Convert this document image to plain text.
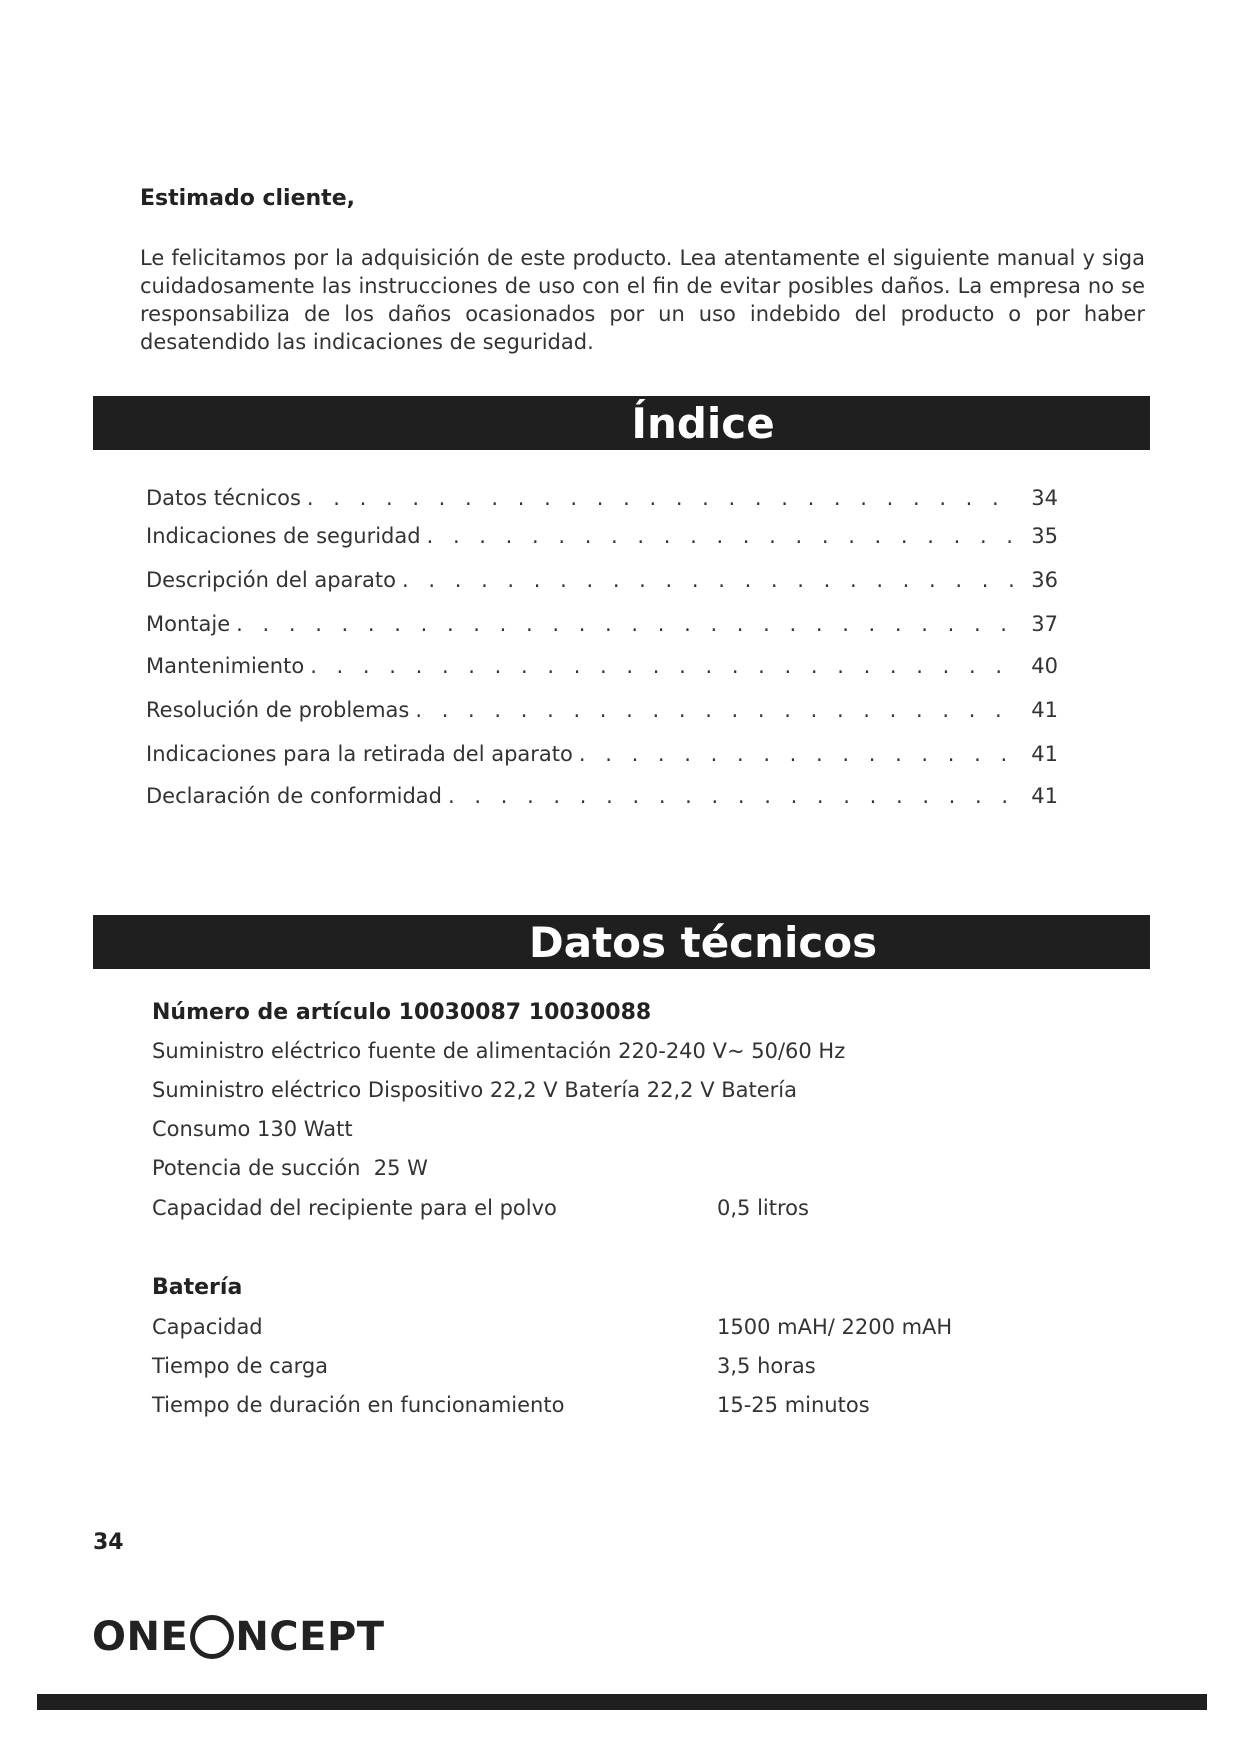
Estimado cliente,
Le felicitamos por la adquisición de este producto. Lea atentamente el siguiente manual y siga cuidadosamente las instrucciones de uso con el fin de evitar posibles daños. La empresa no se responsabiliza de los daños ocasionados por un uso indebido del producto o por haber desatendido las indicaciones de seguridad.
Índice
Datos técnicos . . .	34
Indicaciones de seguridad . . .	35
Descripción del aparato . . .	36
Montaje . . .	37
Mantenimiento . . .	40
Resolución de problemas . . .	41
Indicaciones para la retirada del aparato . . .	41
Declaración de conformidad . . .	41
Datos técnicos
Número de artículo 10030087 10030088
Suministro eléctrico fuente de alimentación 220-240 V~ 50/60 Hz
Suministro eléctrico Dispositivo 22,2 V Batería 22,2 V Batería
Consumo 130 Watt
Potencia de succión  25 W
Capacidad del recipiente para el polvo	0,5 litros
Batería
Capacidad	1500 mAH/ 2200 mAH
Tiempo de carga	3,5 horas
Tiempo de duración en funcionamiento	15-25 minutos
34
ONE NCEPT
